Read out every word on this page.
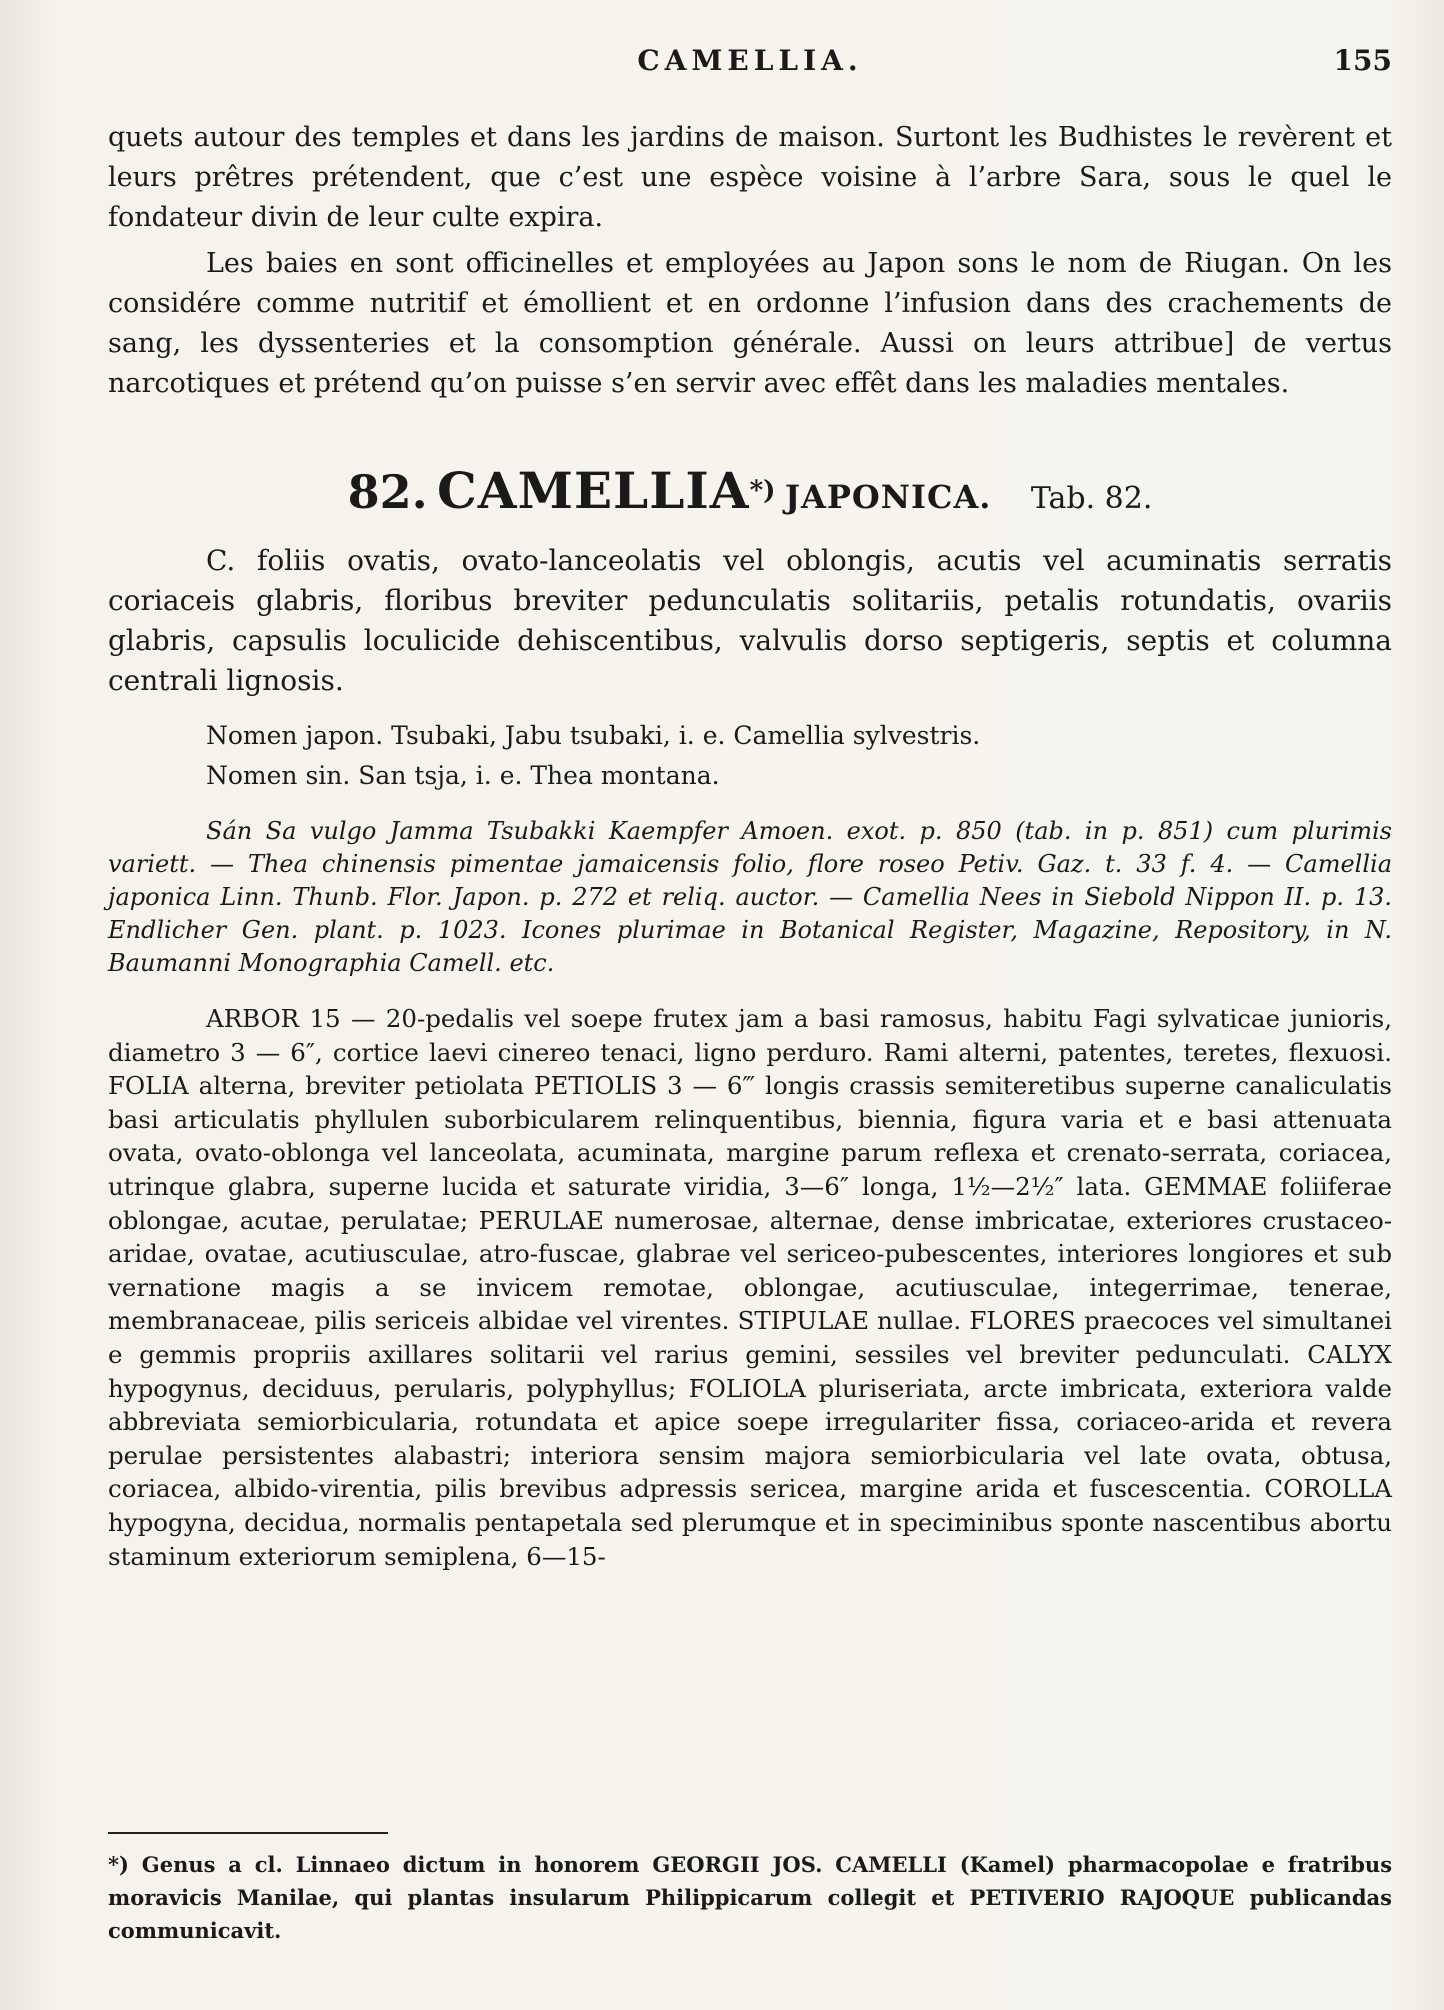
CAMELLIA.	155

quets autour des temples et dans les jardins de maison. Surtont les Budhistes le revèrent et leurs prêtres prétendent, que c’est une espèce voisine à l’arbre Sara, sous le quel le fondateur divin de leur culte expira.

Les baies en sont officinelles et employées au Japon sons le nom de Riugan. On les considére comme nutritif et émollient et en ordonne l’infusion dans des crachements de sang, les dyssenteries et la consomption générale. Aussi on leurs attribue] de vertus narcotiques et prétend qu’on puisse s’en servir avec effêt dans les maladies mentales.

82. CAMELLIA*) JAPONICA. Tab. 82.

C. foliis ovatis, ovato-lanceolatis vel oblongis, acutis vel acuminatis serratis coriaceis glabris, floribus breviter pedunculatis solitariis, petalis rotundatis, ovariis glabris, capsulis loculicide dehiscentibus, valvulis dorso septigeris, septis et columna centrali lignosis.

Nomen japon. Tsubaki, Jabu tsubaki, i. e. Camellia sylvestris.

Nomen sin. San tsja, i. e. Thea montana.

Sán Sa vulgo Jamma Tsubakki Kaempfer Amoen. exot. p. 850 (tab. in p. 851) cum plurimis variett. — Thea chinensis pimentae jamaicensis folio, flore roseo Petiv. Gaz. t. 33 f. 4. — Camellia japonica Linn. Thunb. Flor. Japon. p. 272 et reliq. auctor. — Camellia Nees in Siebold Nippon II. p. 13. Endlicher Gen. plant. p. 1023. Icones plurimae in Botanical Register, Magazine, Repository, in N. Baumanni Monographia Camell. etc.

ARBOR 15 — 20-pedalis vel soepe frutex jam a basi ramosus, habitu Fagi sylvaticae junioris, diametro 3 — 6″, cortice laevi cinereo tenaci, ligno perduro. Rami alterni, patentes, teretes, flexuosi. FOLIA alterna, breviter petiolata PETIOLIS 3 — 6‴ longis crassis semiteretibus superne canaliculatis basi articulatis phyllulen suborbicularem relinquentibus, biennia, figura varia et e basi attenuata ovata, ovato-oblonga vel lanceolata, acuminata, margine parum reflexa et crenato-serrata, coriacea, utrinque glabra, superne lucida et saturate viridia, 3—6″ longa, 1½—2½″ lata. GEMMAE foliiferae oblongae, acutae, perulatae; PERULAE numerosae, alternae, dense imbricatae, exteriores crustaceo-aridae, ovatae, acutiusculae, atro-fuscae, glabrae vel sericeo-pubescentes, interiores longiores et sub vernatione magis a se invicem remotae, oblongae, acutiusculae, integerrimae, tenerae, membranaceae, pilis sericeis albidae vel virentes. STIPULAE nullae. FLORES praecoces vel simultanei e gemmis propriis axillares solitarii vel rarius gemini, sessiles vel breviter pedunculati. CALYX hypogynus, deciduus, perularis, polyphyllus; FOLIOLA pluriseriata, arcte imbricata, exteriora valde abbreviata semiorbicularia, rotundata et apice soepe irregulariter fissa, coriaceo-arida et revera perulae persistentes alabastri; interiora sensim majora semiorbicularia vel late ovata, obtusa, coriacea, albido-virentia, pilis brevibus adpressis sericea, margine arida et fuscescentia. COROLLA hypogyna, decidua, normalis pentapetala sed plerumque et in speciminibus sponte nascentibus abortu staminum exteriorum semiplena, 6—15-

*) Genus a cl. Linnaeo dictum in honorem GEORGII JOS. CAMELLI (Kamel) pharmacopolae e fratribus moravicis Manilae, qui plantas insularum Philippicarum collegit et PETIVERIO RAJOQUE publicandas communicavit.
